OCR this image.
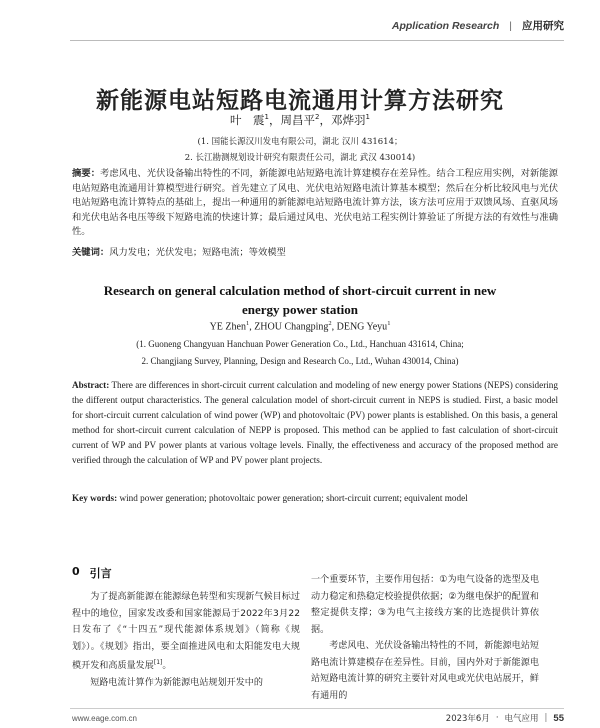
Application Research | 应用研究
新能源电站短路电流通用计算方法研究
叶　震$^1$，周昌平$^2$，邓烨羽$^1$
(1. 国能长源汉川发电有限公司，湖北 汉川 431614；
2. 长江勘测规划设计研究有限责任公司，湖北 武汉 430014)
摘要：考虑风电、光伏设备输出特性的不同，新能源电站短路电流计算建模存在差异性。结合工程应用实例，对新能源电站短路电流通用计算模型进行研究。首先建立了风电、光伏电站短路电流计算基本模型；然后在分析比较风电与光伏电站短路电流计算特点的基础上，提出一种通用的新能源电站短路电流计算方法，该方法可应用于双馈风场、直驱风场和光伏电站各电压等级下短路电流的快速计算；最后通过风电、光伏电站工程实例计算验证了所提方法的有效性与准确性。
关键词：风力发电；光伏发电；短路电流；等效模型
Research on general calculation method of short-circuit current in new energy power station
YE Zhen$^1$, ZHOU Changping$^2$, DENG Yeyu$^1$
(1. Guoneng Changyuan Hanchuan Power Generation Co., Ltd., Hanchuan 431614, China;
2. Changjiang Survey, Planning, Design and Research Co., Ltd., Wuhan 430014, China)
Abstract: There are differences in short-circuit current calculation and modeling of new energy power Stations (NEPS) considering the different output characteristics. The general calculation model of short-circuit current in NEPS is studied. First, a basic model for short-circuit current calculation of wind power (WP) and photovoltaic (PV) power plants is established. On this basis, a general method for short-circuit current calculation of NEPP is proposed. This method can be applied to fast calculation of short-circuit current of WP and PV power plants at various voltage levels. Finally, the effectiveness and accuracy of the proposed method are verified through the calculation of WP and PV power plant projects.
Key words: wind power generation; photovoltaic power generation; short-circuit current; equivalent model
0 引言

为了提高新能源在能源绿色转型和实现新气候目标过程中的地位，国家发改委和国家能源局于2022年3月22日发布了《“十四五”现代能源体系规划》（简称《规划》）。《规划》指出，要全面推进风电和太阳能发电大规模开发和高质量发展[1]。

短路电流计算作为新能源电站规划开发中的

一个重要环节，主要作用包括：①为电气设备的选型及电动力稳定和热稳定校验提供依据；②为继电保护的配置和整定提供支撑；③为电气主接线方案的比选提供计算依据。

考虑风电、光伏设备输出特性的不同，新能源电站短路电流计算建模存在差异性。目前，国内外对于新能源电站短路电流计算的研究主要针对风电或光伏电站展开，鲜有通用的

www.eage.com.cn	2023年6月 · 电气应用 | 55
